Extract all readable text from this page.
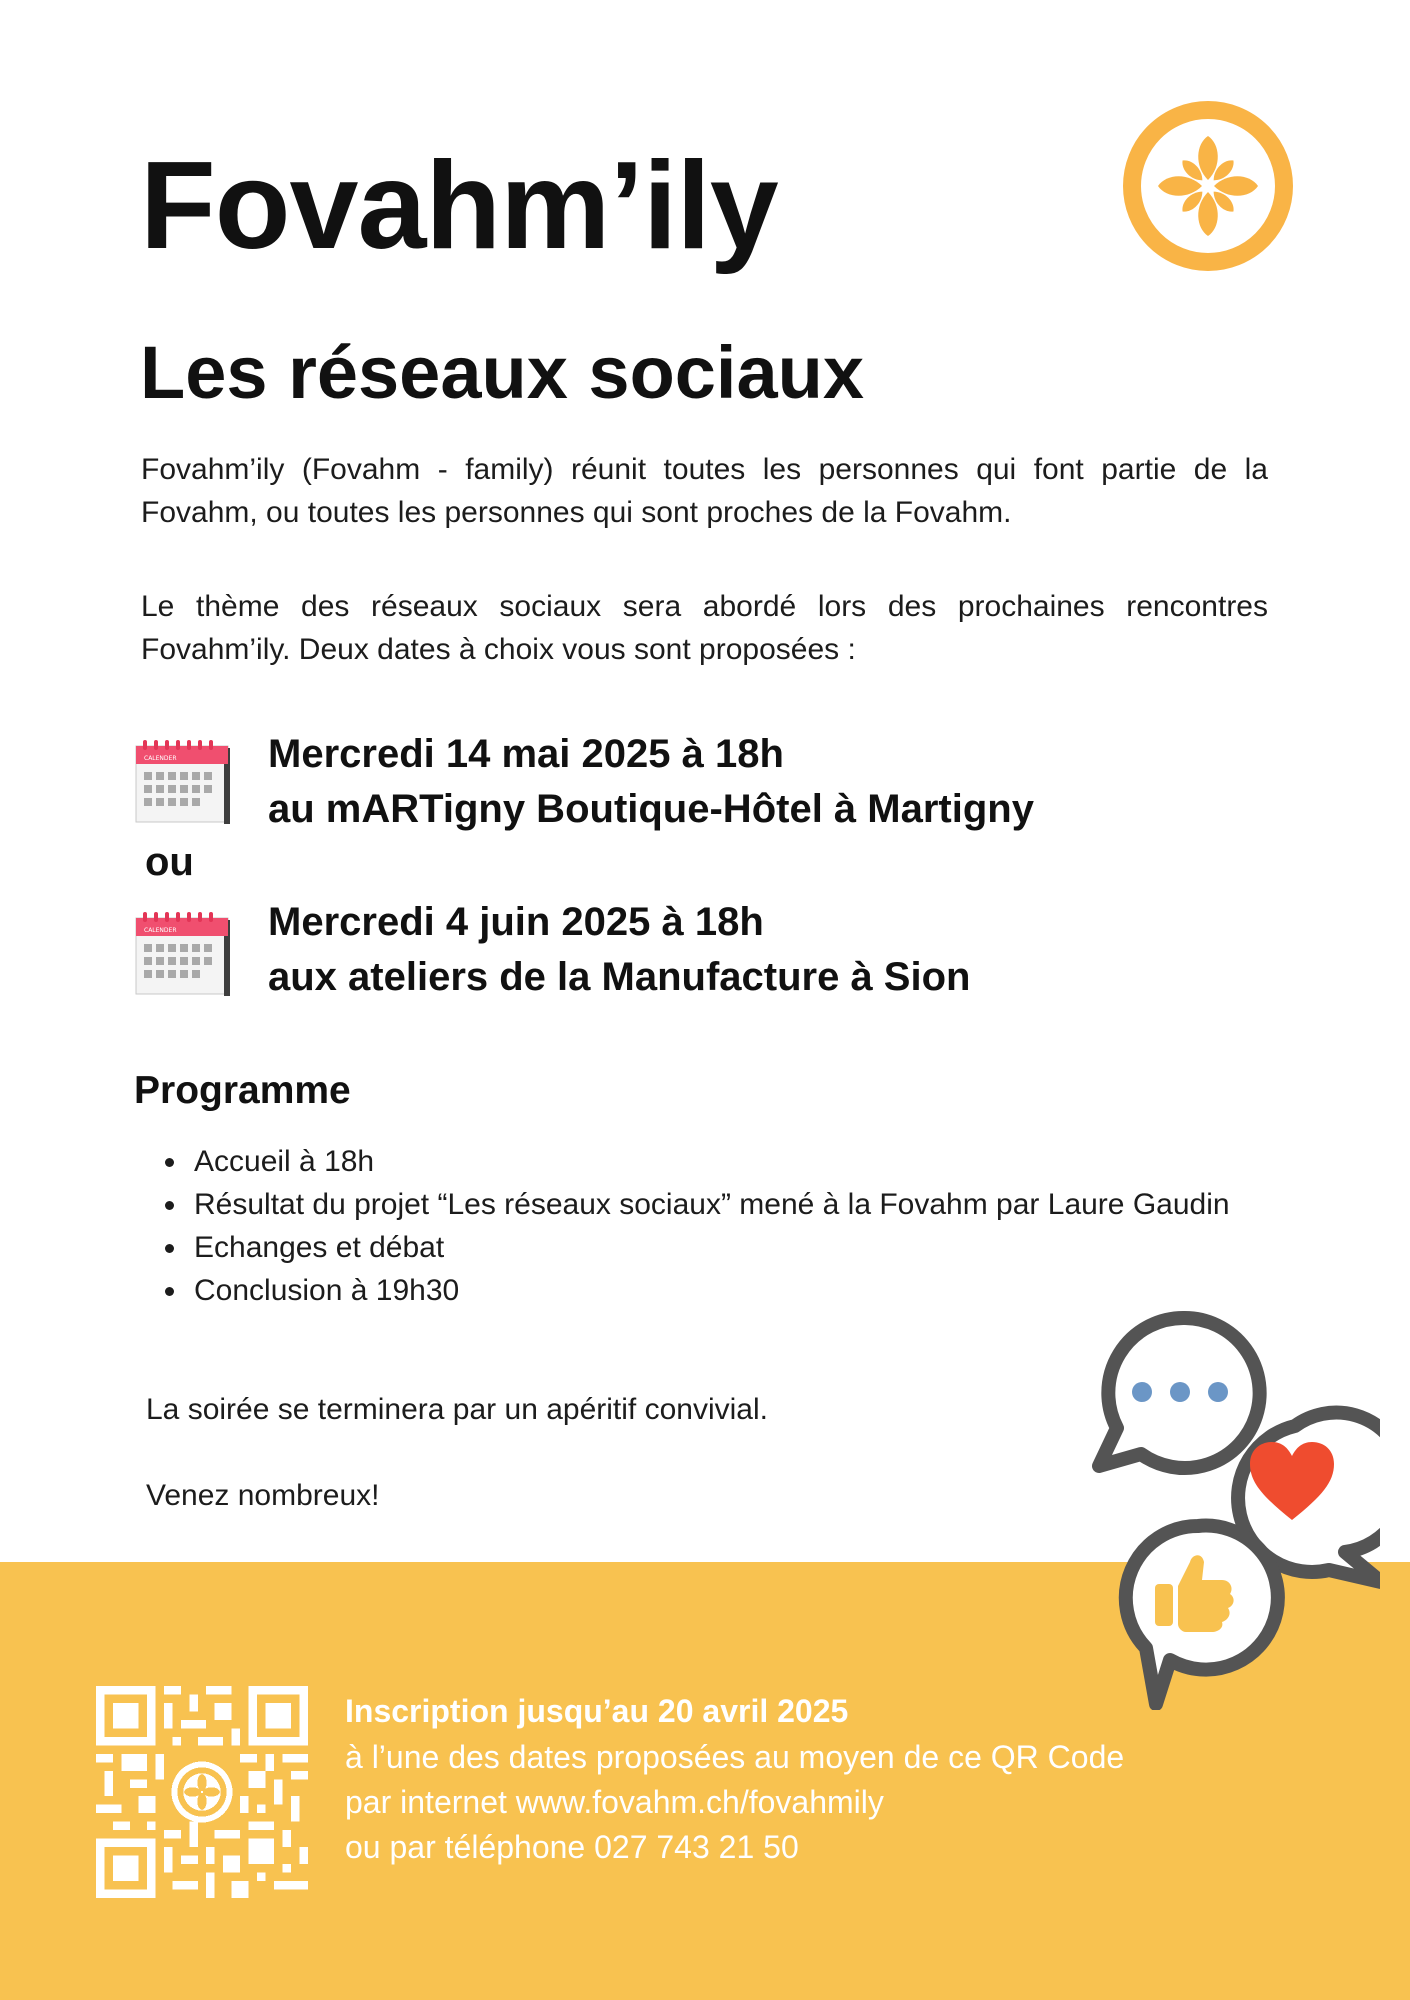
Fovahm’ily
Les réseaux sociaux

Fovahm’ily (Fovahm - family) réunit toutes les personnes qui font partie de la Fovahm, ou toutes les personnes qui sont proches de la Fovahm.

Le thème des réseaux sociaux sera abordé lors des prochaines rencontres Fovahm’ily. Deux dates à choix vous sont proposées :

CALENDER Mercredi 14 mai 2025 à 18h

au mARTigny Boutique-Hôtel à Martigny

ou

CALENDER Mercredi 4 juin 2025 à 18h

aux ateliers de la Manufacture à Sion

Programme
• Accueil à 18h
• Résultat du projet “Les réseaux sociaux” mené à la Fovahm par Laure Gaudin
• Echanges et débat
• Conclusion à 19h30

La soirée se terminera par un apéritif convivial.

Venez nombreux!

Inscription jusqu’au 20 avril 2025

à l’une des dates proposées au moyen de ce QR Code

par internet www.fovahm.ch/fovahmily

ou par téléphone 027 743 21 50
